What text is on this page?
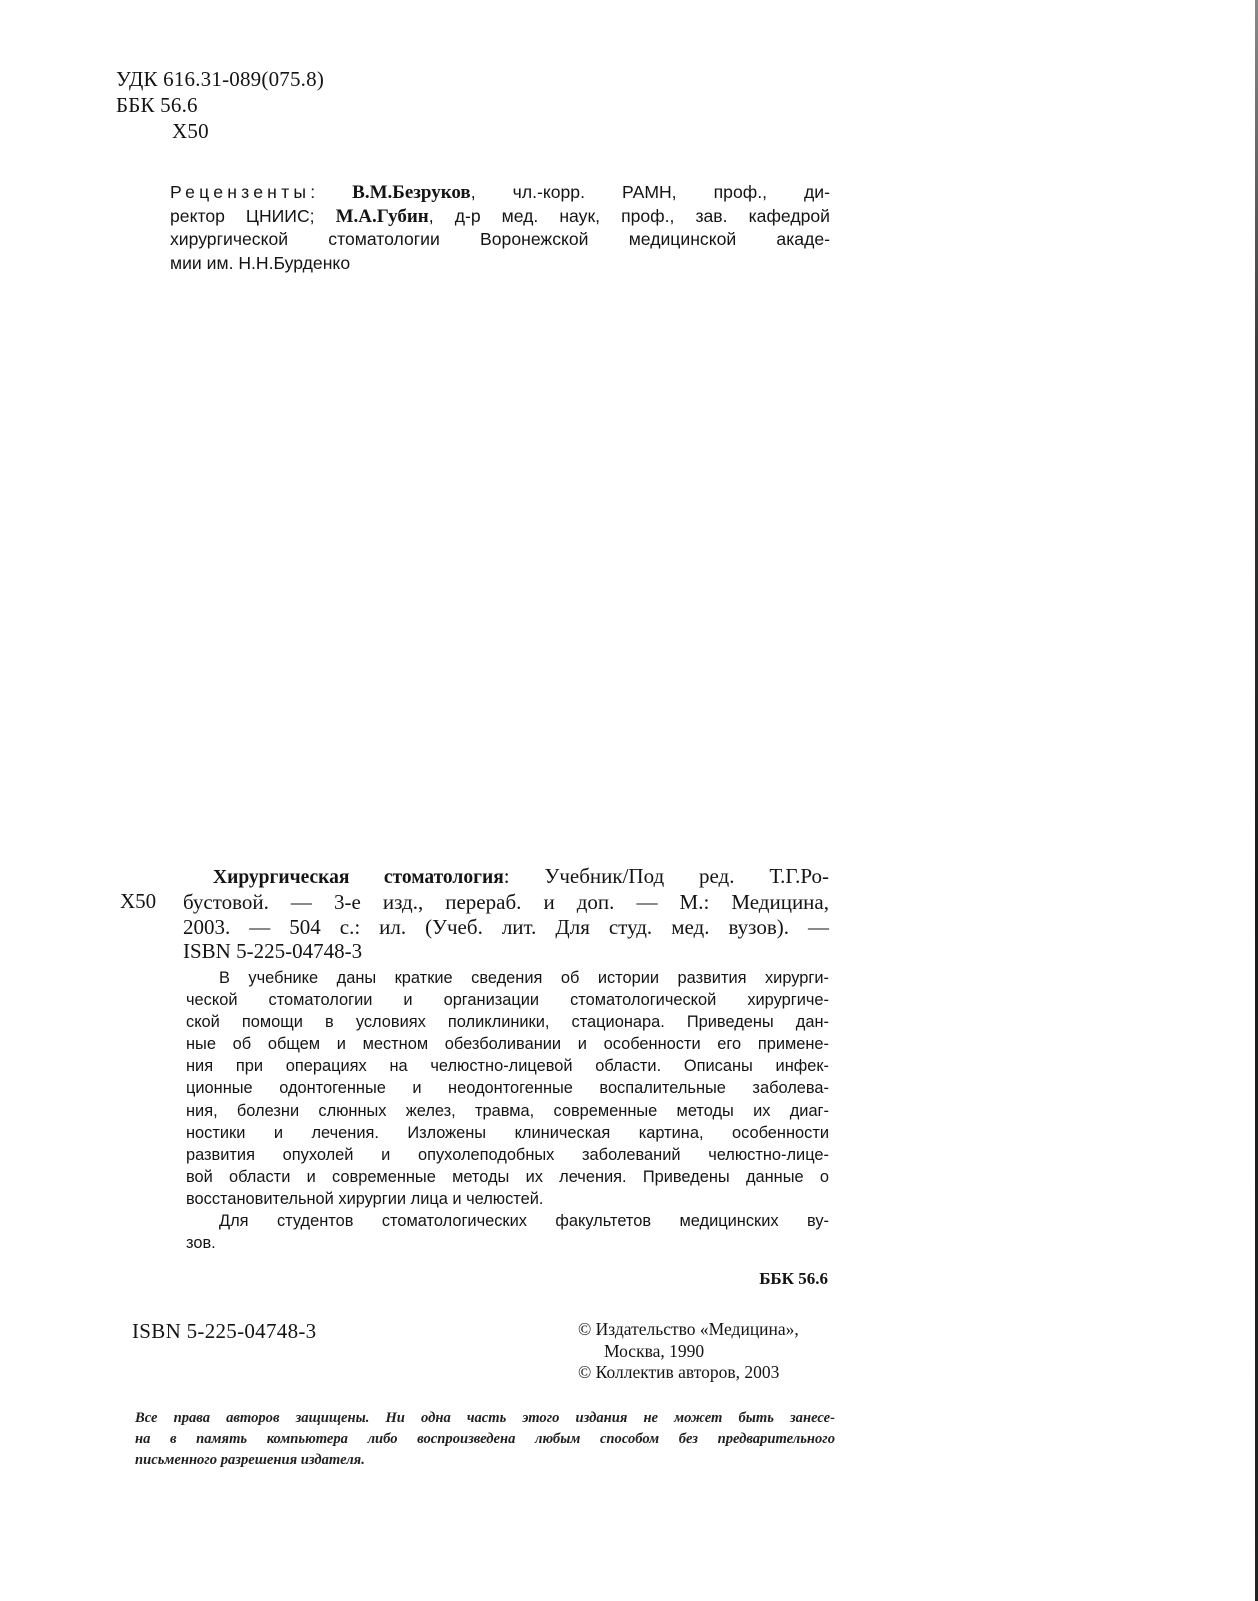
УДК 616.31-089(075.8)
ББК 56.6
Х50
Рецензенты: В.М.Безруков, чл.-корр. РАМН, проф., ди-
ректор ЦНИИС; М.А.Губин, д-р мед. наук, проф., зав. кафедрой
хирургической стоматологии Воронежской медицинской акаде-
мии им. Н.Н.Бурденко
Х50
Хирургическая стоматология: Учебник/Под ред. Т.Г.Ро-
бустовой. — 3-е изд., перераб. и доп. — М.: Медицина,
2003. — 504 с.: ил. (Учеб. лит. Для студ. мед. вузов). —
ISBN 5-225-04748-3
В учебнике даны краткие сведения об истории развития хирурги-
ческой стоматологии и организации стоматологической хирургиче-
ской помощи в условиях поликлиники, стационара. Приведены дан-
ные об общем и местном обезболивании и особенности его примене-
ния при операциях на челюстно-лицевой области. Описаны инфек-
ционные одонтогенные и неодонтогенные воспалительные заболева-
ния, болезни слюнных желез, травма, современные методы их диаг-
ностики и лечения. Изложены клиническая картина, особенности
развития опухолей и опухолеподобных заболеваний челюстно-лице-
вой области и современные методы их лечения. Приведены данные о
восстановительной хирургии лица и челюстей.
Для студентов стоматологических факультетов медицинских ву-
зов.
ББК 56.6
ISBN 5-225-04748-3	© Издательство «Медицина»,
Москва, 1990
© Коллектив авторов, 2003
Все права авторов защищены. Ни одна часть этого издания не может быть занесе-
на в память компьютера либо воспроизведена любым способом без предварительного
письменного разрешения издателя.
